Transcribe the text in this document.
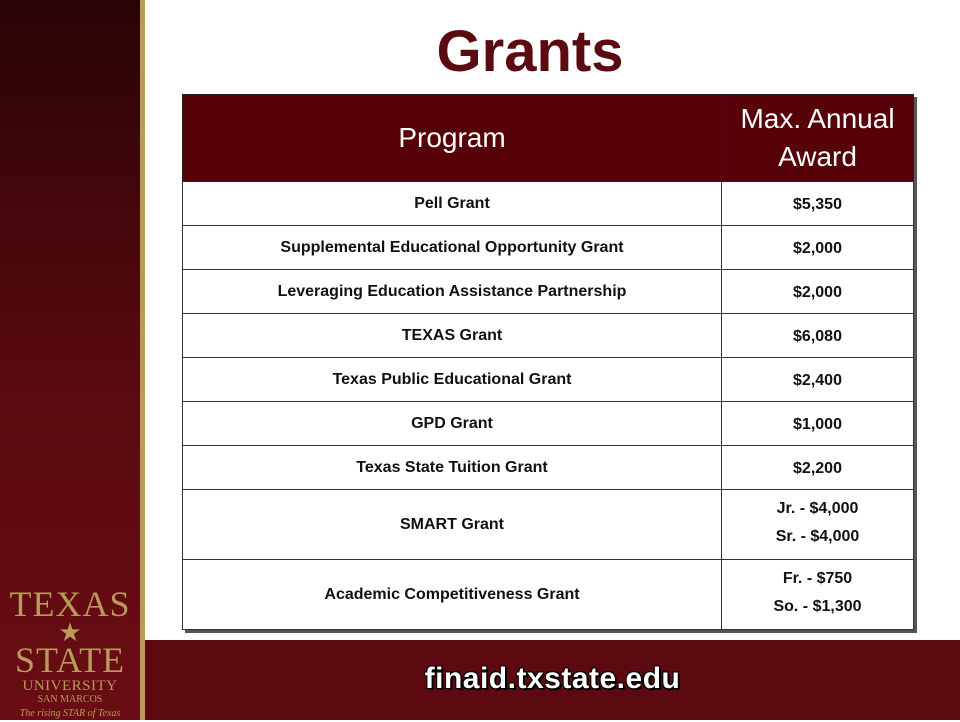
TEXAS
★
STATE
UNIVERSITY
SAN MARCOS
The rising STAR of Texas
Grants
Program	Max. Annual Award
Pell Grant	$5,350

Supplemental Educational Opportunity Grant	$2,000

Leveraging Education Assistance Partnership	$2,000

TEXAS Grant	$6,080

Texas Public Educational Grant	$2,400

GPD Grant	$1,000

Texas State Tuition Grant	$2,200

SMART Grant	Jr. - $4,000
Sr. - $4,000

Academic Competitiveness Grant	Fr. - $750
So. - $1,300
finaid.txstate.edu
